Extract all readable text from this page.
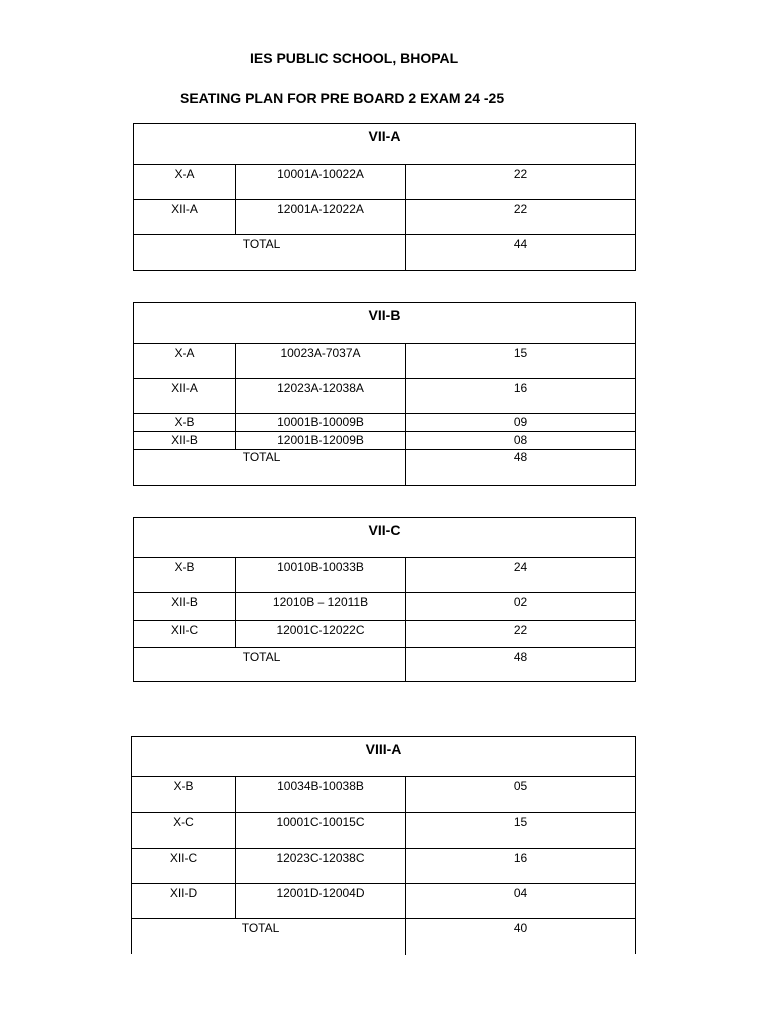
IES PUBLIC SCHOOL, BHOPAL
SEATING PLAN FOR PRE BOARD 2 EXAM 24 -25
VII-A
X-A	10001A-10022A	22
XII-A	12001A-12022A	22
TOTAL	44
VII-B
X-A	10023A-7037A	15
XII-A	12023A-12038A	16
X-B	10001B-10009B	09
XII-B	12001B-12009B	08
TOTAL	48
VII-C
X-B	10010B-10033B	24
XII-B	12010B – 12011B	02
XII-C	12001C-12022C	22
TOTAL	48
VIII-A
X-B	10034B-10038B	05
X-C	10001C-10015C	15
XII-C	12023C-12038C	16
XII-D	12001D-12004D	04
TOTAL	40
